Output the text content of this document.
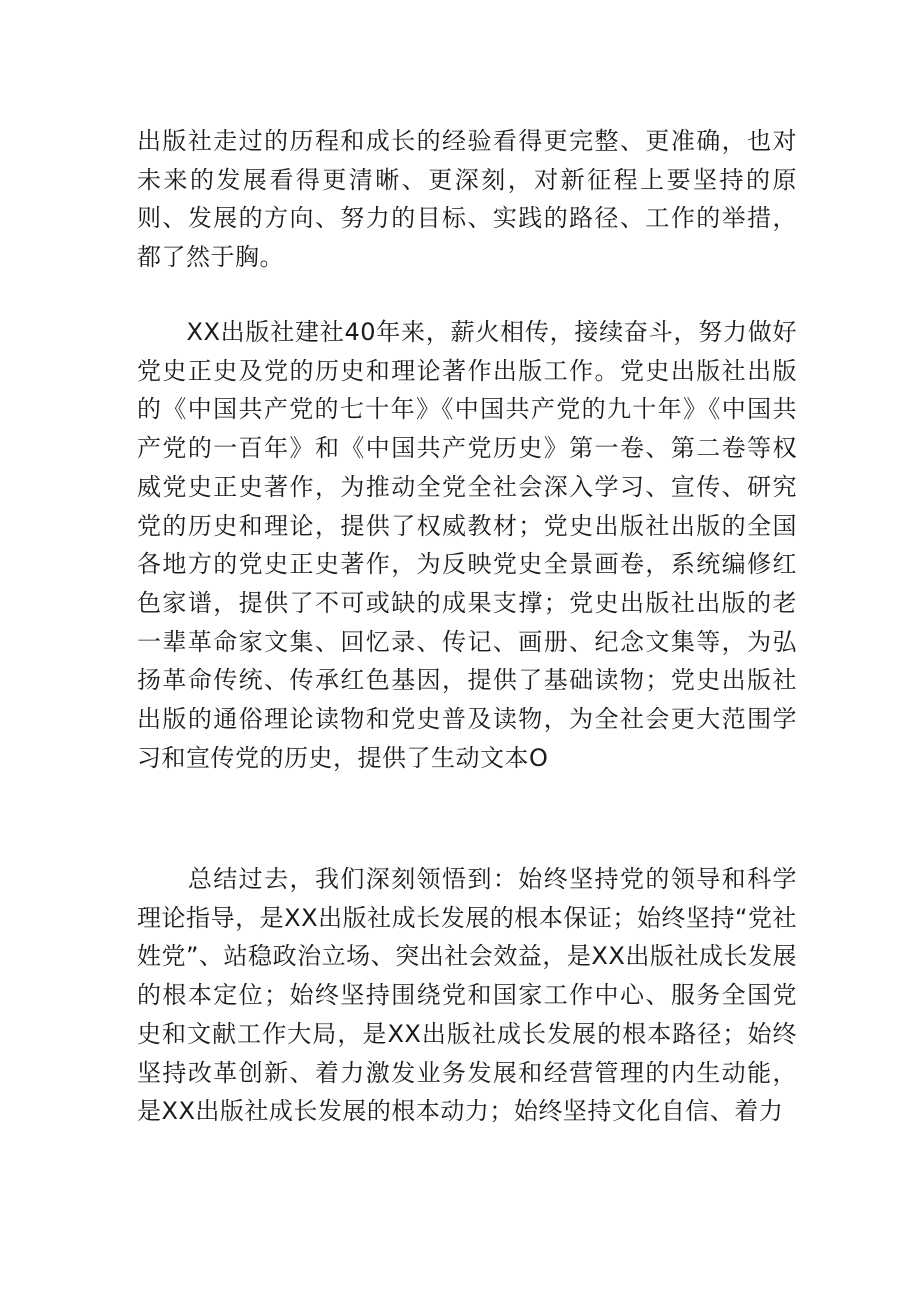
出版社走过的历程和成长的经验看得更完整、更准确，也对未来的发展看得更清晰、更深刻，对新征程上要坚持的原则、发展的方向、努力的目标、实践的路径、工作的举措，都了然于胸。

　　XX出版社建社40年来，薪火相传，接续奋斗，努力做好党史正史及党的历史和理论著作出版工作。党史出版社出版的《中国共产党的七十年》《中国共产党的九十年》《中国共产党的一百年》和《中国共产党历史》第一卷、第二卷等权威党史正史著作，为推动全党全社会深入学习、宣传、研究党的历史和理论，提供了权威教材；党史出版社出版的全国各地方的党史正史著作，为反映党史全景画卷，系统编修红色家谱，提供了不可或缺的成果支撑；党史出版社出版的老一辈革命家文集、回忆录、传记、画册、纪念文集等，为弘扬革命传统、传承红色基因，提供了基础读物；党史出版社出版的通俗理论读物和党史普及读物，为全社会更大范围学习和宣传党的历史，提供了生动文本O

　　总结过去，我们深刻领悟到：始终坚持党的领导和科学理论指导，是XX出版社成长发展的根本保证；始终坚持“党社姓党”、站稳政治立场、突出社会效益，是XX出版社成长发展的根本定位；始终坚持围绕党和国家工作中心、服务全国党史和文献工作大局，是XX出版社成长发展的根本路径；始终坚持改革创新、着力激发业务发展和经营管理的内生动能，是XX出版社成长发展的根本动力；始终坚持文化自信、着力
